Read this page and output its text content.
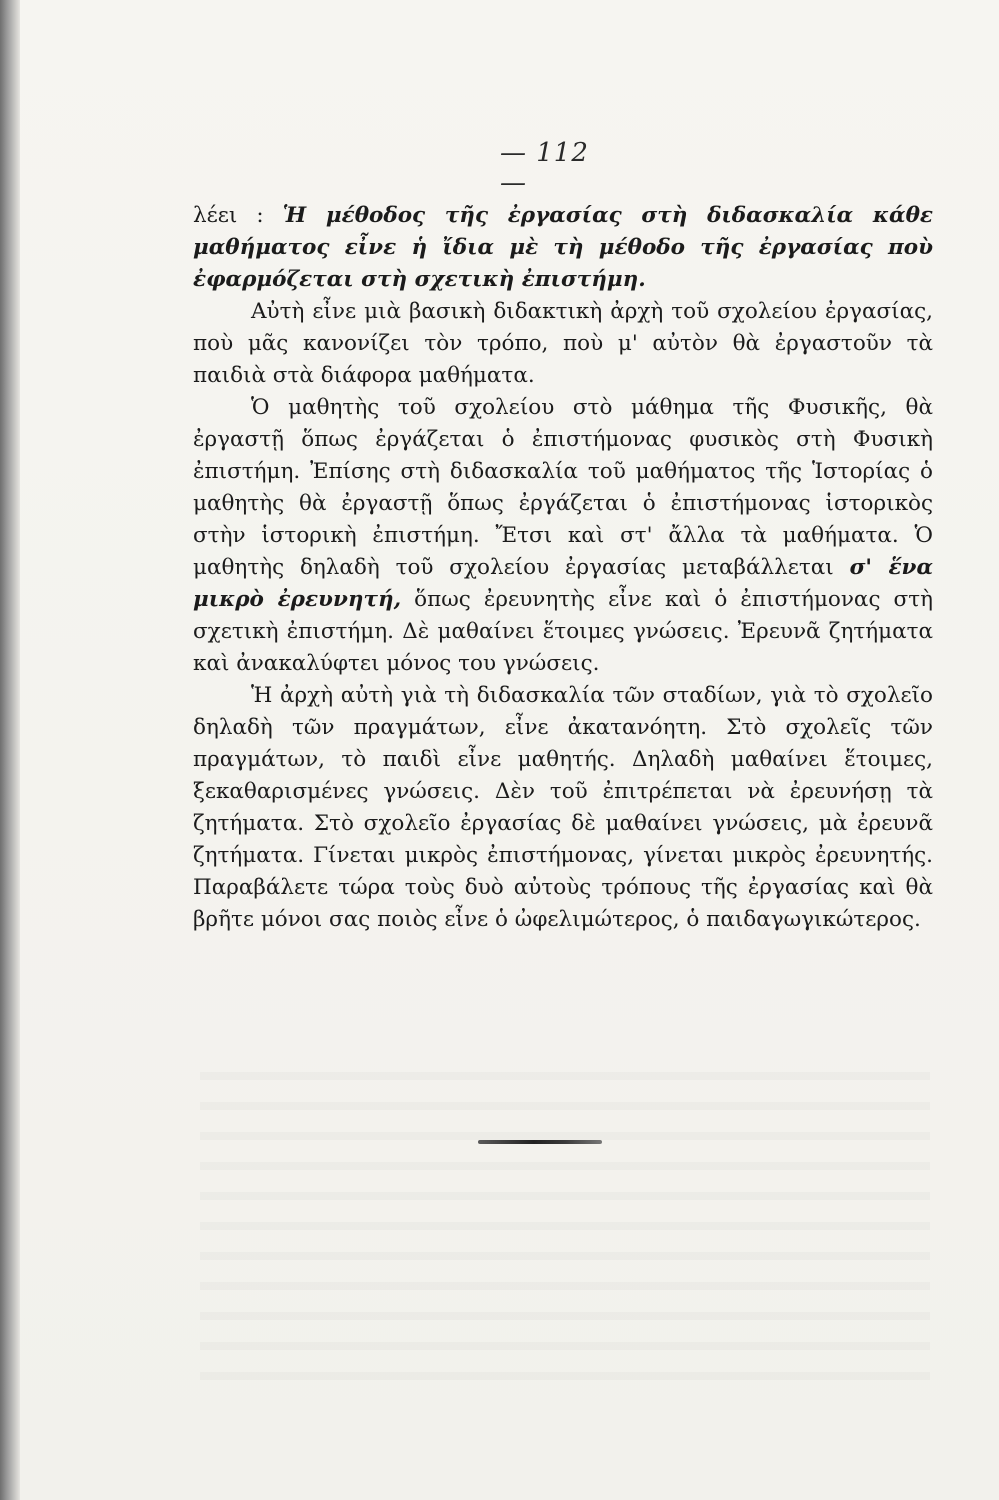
— 112 —

λέει : Ἡ μέθοδος τῆς ἐργασίας στὴ διδασκαλία κάθε μαθήματος εἶνε ἡ ἴδια μὲ τὴ μέθοδο τῆς ἐργασίας ποὺ ἐφαρμόζεται στὴ σχετικὴ ἐπιστήμη.

Αὐτὴ εἶνε μιὰ βασικὴ διδακτικὴ ἀρχὴ τοῦ σχολείου ἐργασίας, ποὺ μᾶς κανονίζει τὸν τρόπο, ποὺ μ' αὐτὸν θὰ ἐργαστοῦν τὰ παιδιὰ στὰ διάφορα μαθήματα.

Ὁ μαθητὴς τοῦ σχολείου στὸ μάθημα τῆς Φυσικῆς, θὰ ἐργαστῇ ὅπως ἐργάζεται ὁ ἐπιστήμονας φυσικὸς στὴ Φυσικὴ ἐπιστήμη. Ἐπίσης στὴ διδασκαλία τοῦ μαθήματος τῆς Ἱστορίας ὁ μαθητὴς θὰ ἐργαστῇ ὅπως ἐργάζεται ὁ ἐπιστήμονας ἱστορικὸς στὴν ἱστορικὴ ἐπιστήμη. Ἔτσι καὶ στ' ἄλλα τὰ μαθήματα. Ὁ μαθητὴς δηλαδὴ τοῦ σχολείου ἐργασίας μεταβάλλεται σ' ἕνα μικρὸ ἐρευνητή, ὅπως ἐρευνητὴς εἶνε καὶ ὁ ἐπιστήμονας στὴ σχετικὴ ἐπιστήμη. Δὲ μαθαίνει ἕτοιμες γνώσεις. Ἐρευνᾶ ζητήματα καὶ ἀνακαλύφτει μόνος του γνώσεις.

Ἡ ἀρχὴ αὐτὴ γιὰ τὴ διδασκαλία τῶν σταδίων, γιὰ τὸ σχολεῖο δηλαδὴ τῶν πραγμάτων, εἶνε ἀκατανόητη. Στὸ σχολεῖς τῶν πραγμάτων, τὸ παιδὶ εἶνε μαθητής. Δηλαδὴ μαθαίνει ἕτοιμες, ξεκαθαρισμένες γνώσεις. Δὲν τοῦ ἐπιτρέπεται νὰ ἐρευνήσῃ τὰ ζητήματα. Στὸ σχολεῖο ἐργασίας δὲ μαθαίνει γνώσεις, μὰ ἐρευνᾶ ζητήματα. Γίνεται μικρὸς ἐπιστήμονας, γίνεται μικρὸς ἐρευνητής. Παραβάλετε τώρα τοὺς δυὸ αὐτοὺς τρόπους τῆς ἐργασίας καὶ θὰ βρῆτε μόνοι σας ποιὸς εἶνε ὁ ὠφελιμώτερος, ὁ παιδαγωγικώτερος.
